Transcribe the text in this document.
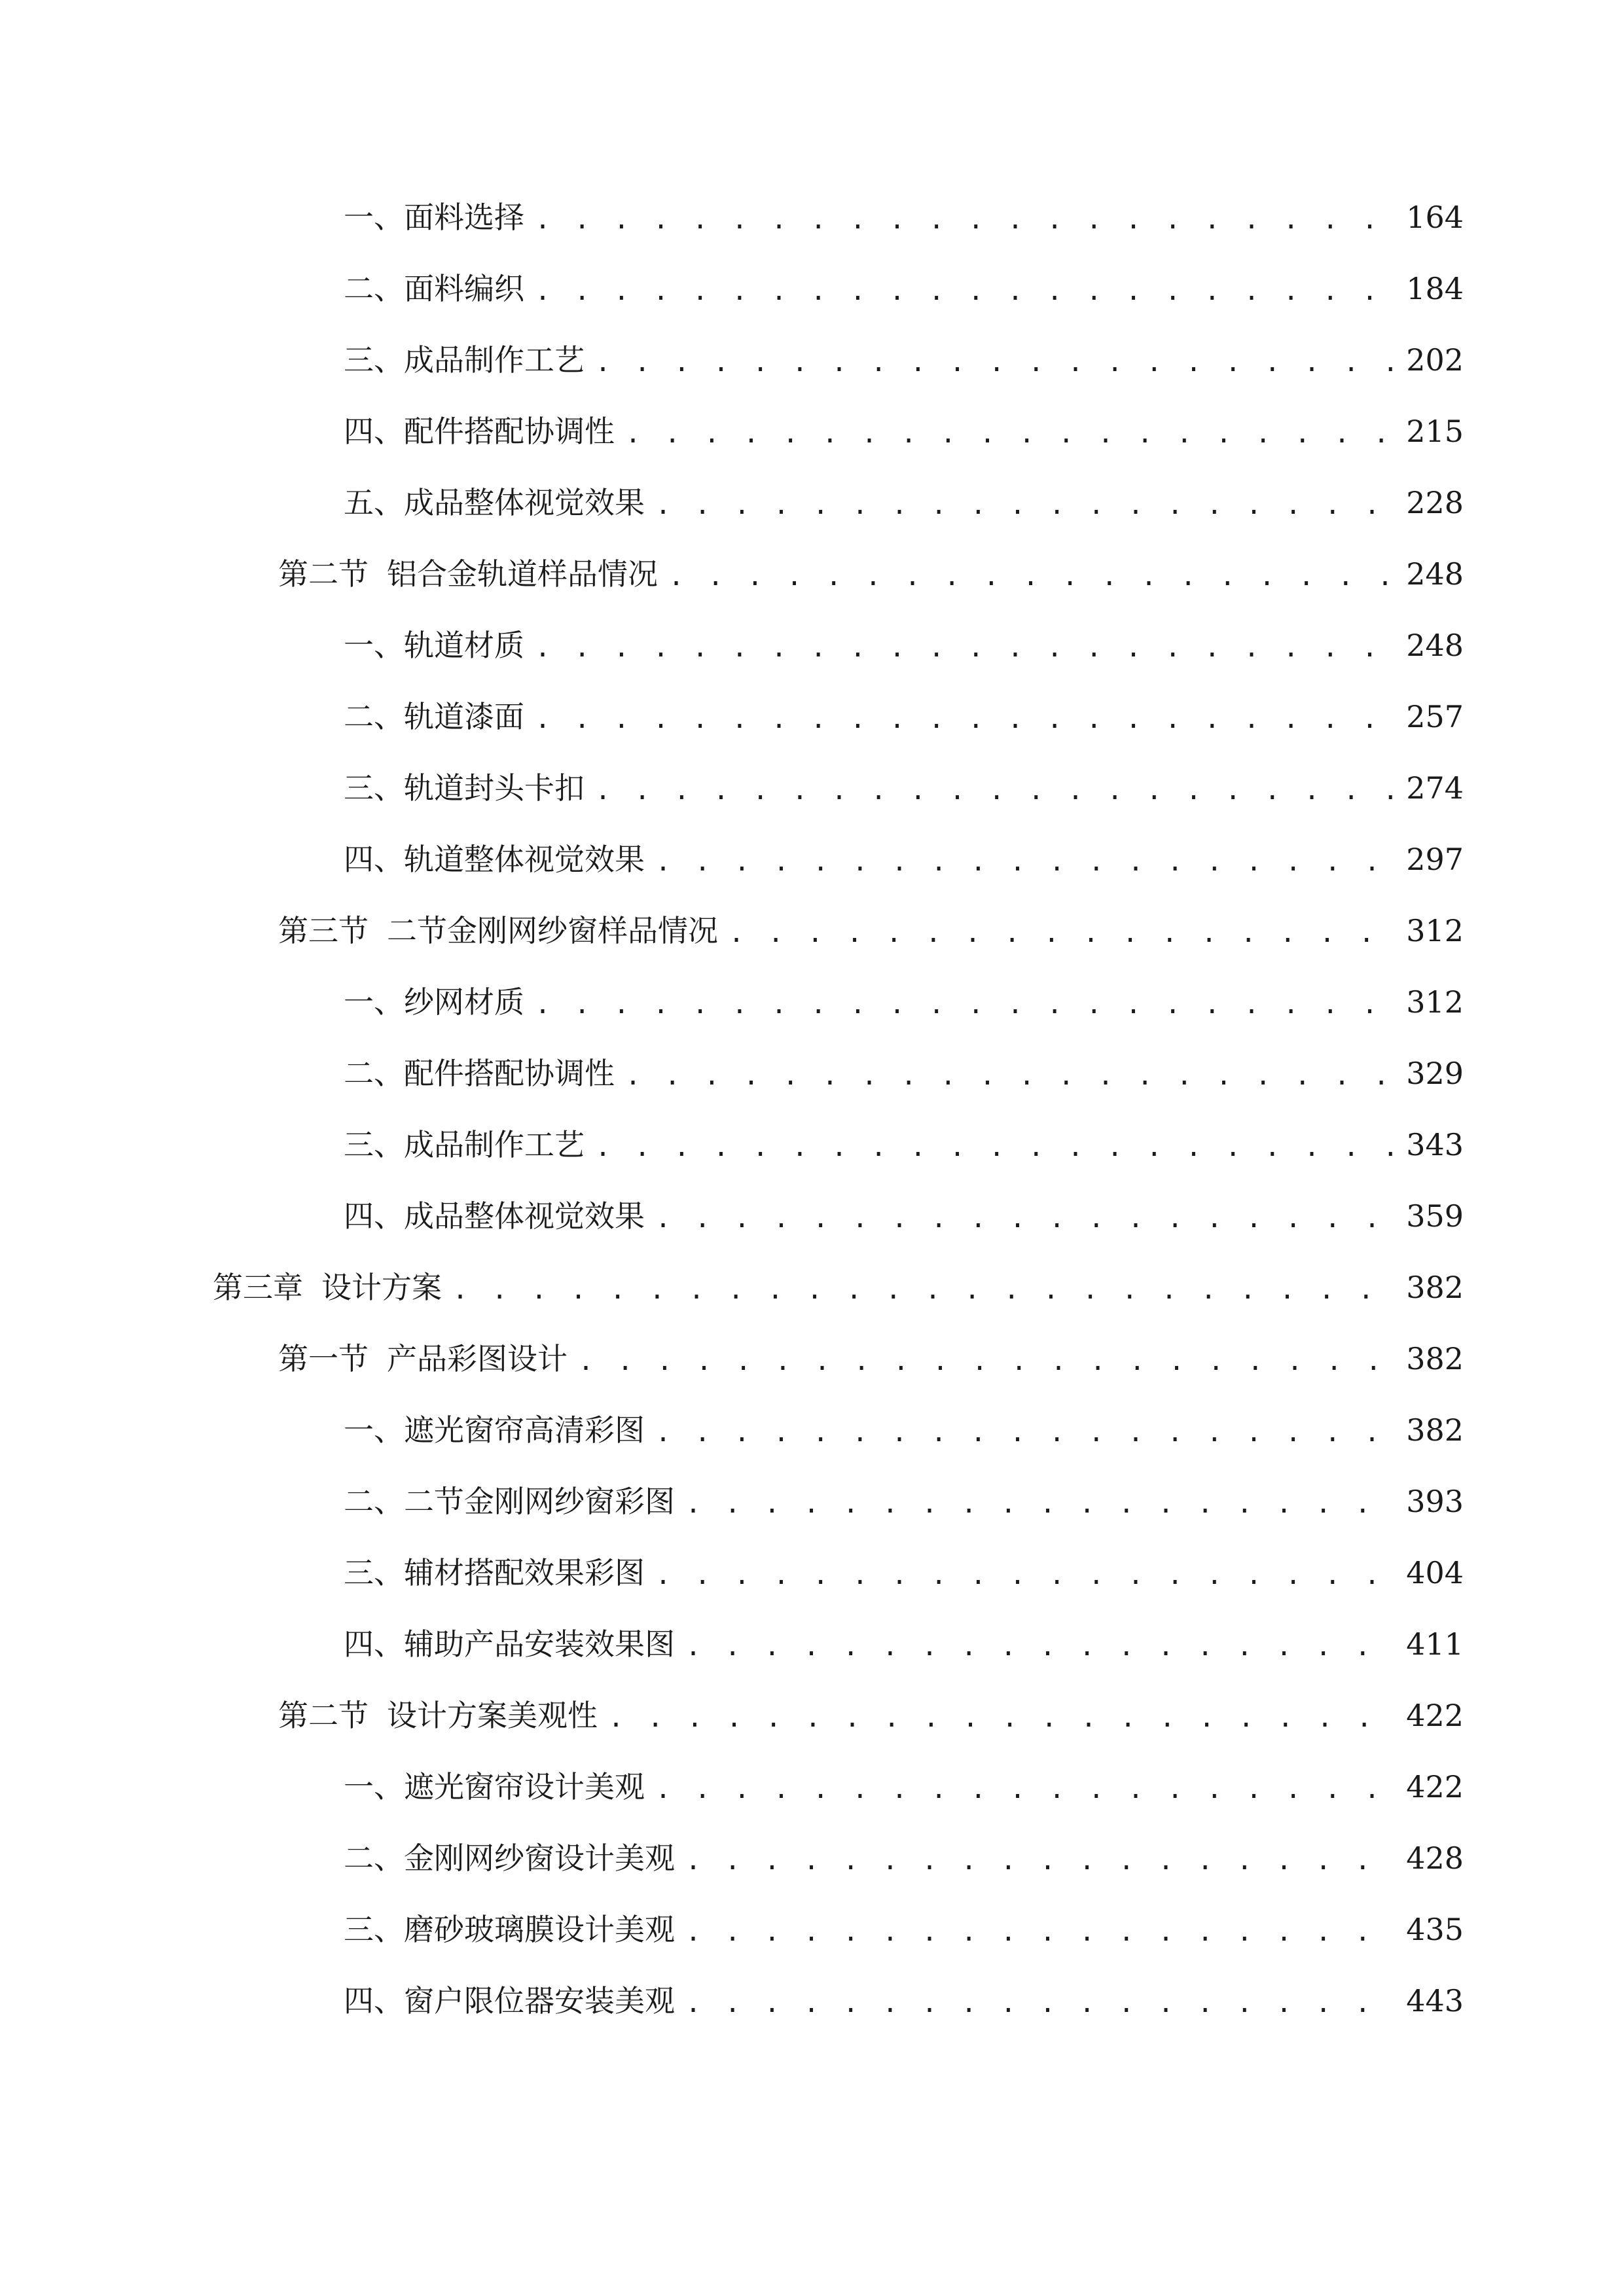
一、 面料选择 . . .	164
二、 面料编织 . . .	184
三、 成品制作工艺 . . .	202
四、 配件搭配协调性 . . .	215
五、 成品整体视觉效果 . . .	228
第二节 铝合金轨道样品情况 . . .	248
一、 轨道材质 . . .	248
二、 轨道漆面 . . .	257
三、 轨道封头卡扣 . . .	274
四、 轨道整体视觉效果 . . .	297
第三节 二节金刚网纱窗样品情况 . . .	312
一、 纱网材质 . . .	312
二、 配件搭配协调性 . . .	329
三、 成品制作工艺 . . .	343
四、 成品整体视觉效果 . . .	359
第三章 设计方案 . . .	382
第一节 产品彩图设计 . . .	382
一、 遮光窗帘高清彩图 . . .	382
二、 二节金刚网纱窗彩图 . . .	393
三、 辅材搭配效果彩图 . . .	404
四、 辅助产品安装效果图 . . .	411
第二节 设计方案美观性 . . .	422
一、 遮光窗帘设计美观 . . .	422
二、 金刚网纱窗设计美观 . . .	428
三、 磨砂玻璃膜设计美观 . . .	435
四、 窗户限位器安装美观 . . .	443
